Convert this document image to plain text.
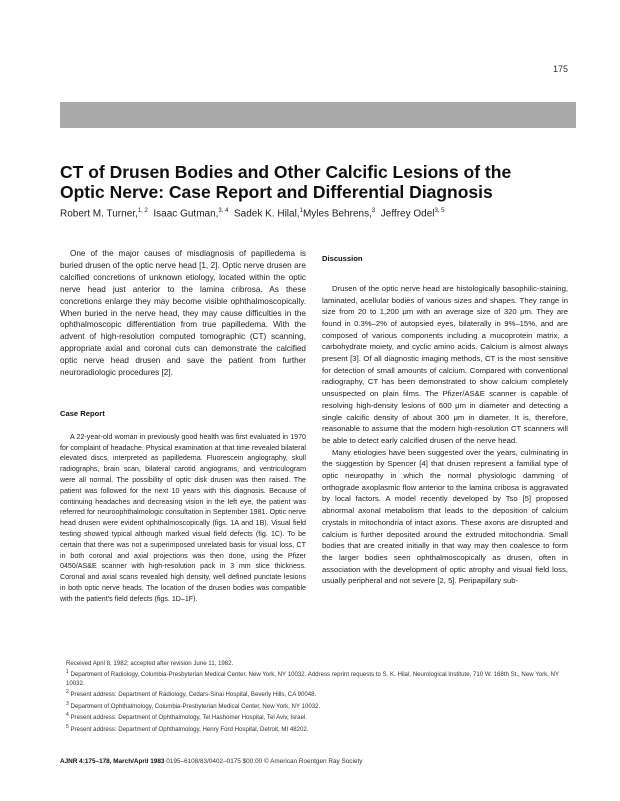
175
CT of Drusen Bodies and Other Calcific Lesions of the Optic Nerve: Case Report and Differential Diagnosis
Robert M. Turner,$^{1, 2}$ Isaac Gutman,$^{3, 4}$ Sadek K. Hilal,$^1$Myles Behrens,$^3$ Jeffrey Odel$^{3, 5}$

One of the major causes of misdiagnosis of papilledema is buried drusen of the optic nerve head [1, 2]. Optic nerve drusen are calcified concretions of unknown etiology, located within the optic nerve head just anterior to the lamina cribrosa. As these concretions enlarge they may become visible ophthalmoscopically. When buried in the nerve head, they may cause difficulties in the ophthalmoscopic differentiation from true papilledema. With the advent of high-resolution computed tomographic (CT) scanning, appropriate axial and coronal cuts can demonstrate the calcified optic nerve head drusen and save the patient from further neuroradiologic procedures [2].

Case Report

A 22-year-old woman in previously good health was first evaluated in 1970 for complaint of headache. Physical examination at that time revealed bilateral elevated discs, interpreted as papilledema. Fluorescein angiography, skull radiographs, brain scan, bilateral carotid angiograms, and ventriculogram were all normal. The possibility of optic disk drusen was then raised. The patient was followed for the next 10 years with this diagnosis. Because of continuing headaches and decreasing vision in the left eye, the patient was referred for neuroophthalmologic consultation in September 1981. Optic nerve head drusen were evident ophthalmoscopically (figs. 1A and 1B). Visual field testing showed typical although marked visual field defects (fig. 1C). To be certain that there was not a superimposed unrelated basis for visual loss, CT in both coronal and axial projections was then done, using the Pfizer 0450/AS&E scanner with high-resolution pack in 3 mm slice thickness. Coronal and axial scans revealed high density, well defined punctate lesions in both optic nerve heads. The location of the drusen bodies was compatible with the patient’s field defects (figs. 1D–1F).

Discussion

Drusen of the optic nerve head are histologically basophilic-staining, laminated, acellular bodies of various sizes and shapes. They range in size from 20 to 1,200 μm with an average size of 320 μm. They are found in 0.3%–2% of autopsied eyes, bilaterally in 9%–15%, and are composed of various components including a mucoprotein matrix, a carbohydrate moiety, and cyclic amino acids. Calcium is almost always present [3]. Of all diagnostic imaging methods, CT is the most sensitive for detection of small amounts of calcium. Compared with conventional radiography, CT has been demonstrated to show calcium completely unsuspected on plain films. The Pfizer/AS&E scanner is capable of resolving high-density lesions of 600 μm in diameter and detecting a single calcific density of about 300 μm in diameter. It is, therefore, reasonable to assume that the modern high-resolution CT scanners will be able to detect early calcified drusen of the nerve head.

Many etiologies have been suggested over the years, culminating in the suggestion by Spencer [4] that drusen represent a familial type of optic neuropathy in which the normal physiologic damming of orthograde axoplasmic flow anterior to the lamina cribosa is aggravated by local factors. A model recently developed by Tso [5] proposed abnormal axonal metabolism that leads to the deposition of calcium crystals in mitochondria of intact axons. These axons are disrupted and calcium is further deposited around the extruded mitochondria. Small bodies that are created initially in that way may then coalesce to form the larger bodies seen ophthalmoscopically as drusen, often in association with the development of optic atrophy and visual field loss, usually peripheral and not severe [2, 5]. Peripapillary sub-

Received April 8, 1982; accepted after revision June 11, 1982.

$^1$ Department of Radiology, Columbia-Presbyterian Medical Center, New York, NY 10032. Address reprint requests to S. K. Hilal, Neurological Institute, 710 W. 168th St., New York, NY 10032.

$^2$ Present address: Department of Radiology, Cedars-Sinai Hospital, Beverly Hills, CA 90048.

$^3$ Department of Ophthalmology, Columbia-Presbyterian Medical Center, New York, NY 10032.

$^4$ Present address: Department of Ophthalmology, Tel Hashomer Hospital, Tel Aviv, Israel.

$^5$ Present address: Department of Ophthalmology, Henry Ford Hospital, Detroit, MI 48202.

AJNR 4:175–178, March/April 1983 0195–6108/83/0402–0175 $00.00 © American Roentgen Ray Society
